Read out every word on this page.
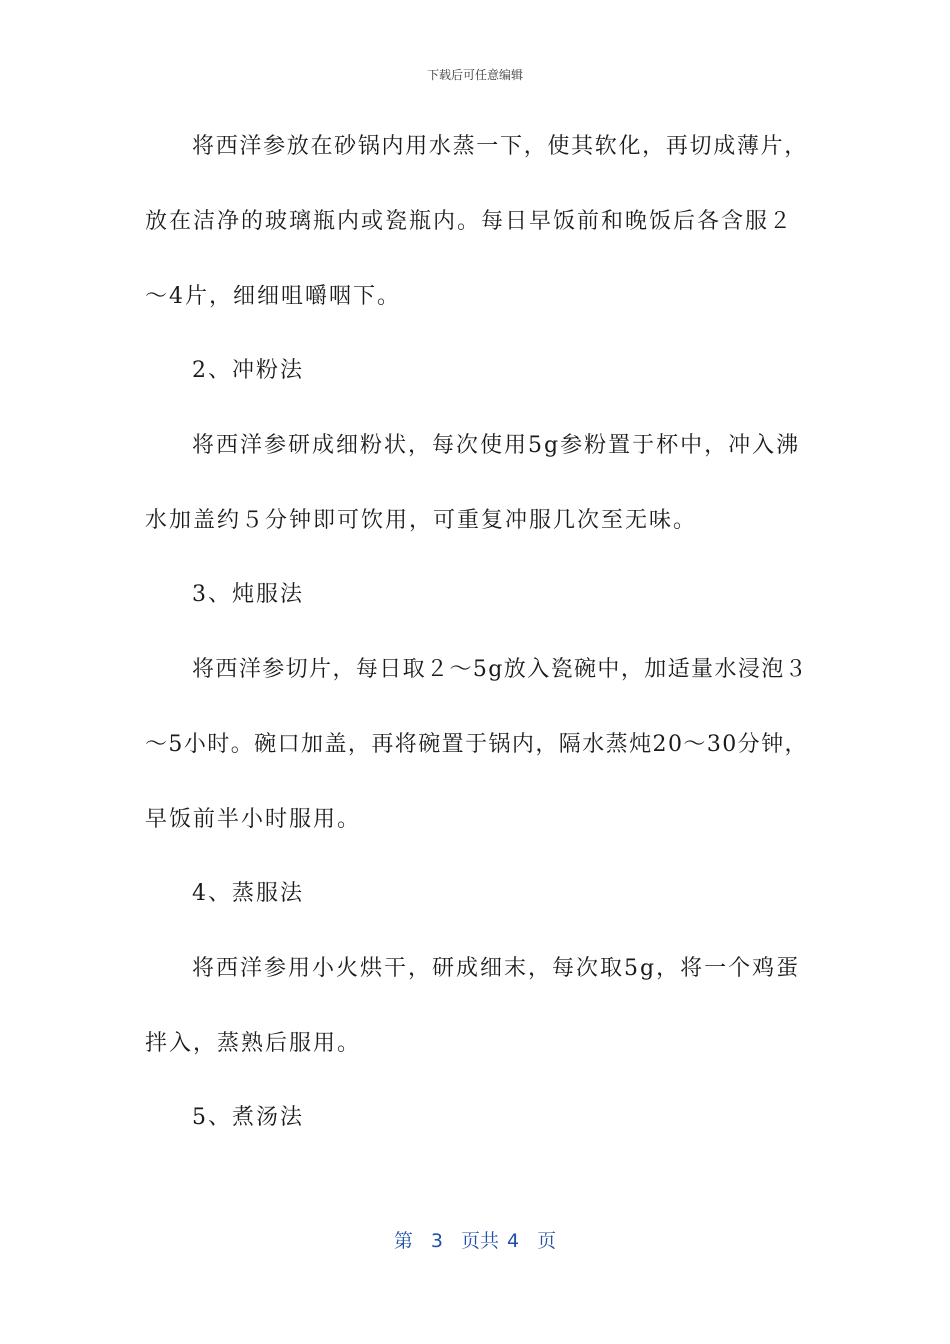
下载后可任意编辑
将西洋参放在砂锅内用水蒸一下，使其软化，再切成薄片，
放在洁净的玻璃瓶内或瓷瓶内。每日早饭前和晚饭后各含服２
～4片，细细咀嚼咽下。
2、冲粉法
将西洋参研成细粉状，每次使用5g参粉置于杯中，冲入沸
水加盖约５分钟即可饮用，可重复冲服几次至无味。
3、炖服法
将西洋参切片，每日取２～5g放入瓷碗中，加适量水浸泡３
～5小时。碗口加盖，再将碗置于锅内，隔水蒸炖20～30分钟，
早饭前半小时服用。
4、蒸服法
将西洋参用小火烘干，研成细末，每次取5g，将一个鸡蛋
拌入，蒸熟后服用。
5、煮汤法
第 3 页共 4 页
